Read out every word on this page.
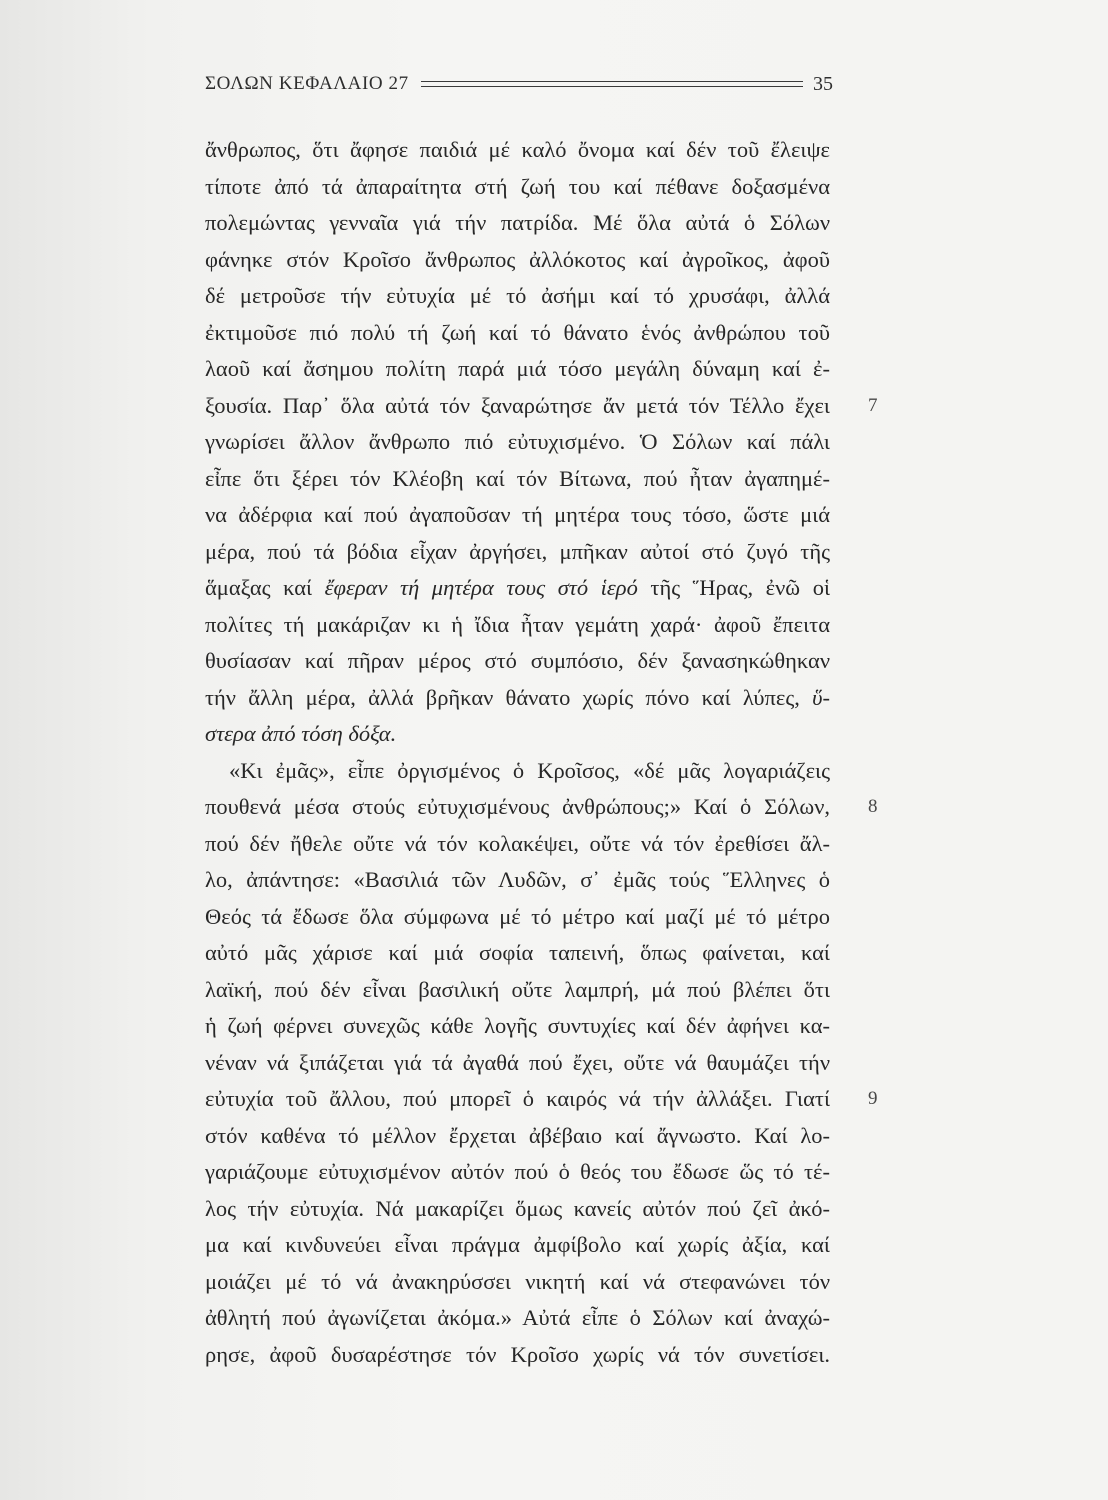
ΣΟΛΩΝ ΚΕΦΑΛΑΙΟ 27	35

ἄνθρωπος, ὅτι ἄφησε παιδιά μέ καλό ὄνομα καί δέν τοῦ ἔλειψε
τίποτε ἀπό τά ἀπαραίτητα στή ζωή του καί πέθανε δοξασμένα
πολεμώντας γενναῖα γιά τήν πατρίδα. Μέ ὅλα αὐτά ὁ Σόλων
φάνηκε στόν Κροῖσο ἄνθρωπος ἀλλόκοτος καί ἀγροῖκος, ἀφοῦ
δέ μετροῦσε τήν εὐτυχία μέ τό ἀσήμι καί τό χρυσάφι, ἀλλά
ἐκτιμοῦσε πιό πολύ τή ζωή καί τό θάνατο ἑνός ἀνθρώπου τοῦ
λαοῦ καί ἄσημου πολίτη παρά μιά τόσο μεγάλη δύναμη καί ἐ-
ξουσία. Παρ᾽ ὅλα αὐτά τόν ξαναρώτησε ἄν μετά τόν Τέλλο ἔχει
γνωρίσει ἄλλον ἄνθρωπο πιό εὐτυχισμένο. Ὁ Σόλων καί πάλι
εἶπε ὅτι ξέρει τόν Κλέοβη καί τόν Βίτωνα, πού ἦταν ἀγαπημέ-
να ἀδέρφια καί πού ἀγαποῦσαν τή μητέρα τους τόσο, ὥστε μιά
μέρα, πού τά βόδια εἶχαν ἀργήσει, μπῆκαν αὐτοί στό ζυγό τῆς
ἅμαξας καί ἔφεραν τή μητέρα τους στό ἱερό τῆς Ἥρας, ἐνῶ οἱ
πολίτες τή μακάριζαν κι ἡ ἴδια ἦταν γεμάτη χαρά· ἀφοῦ ἔπειτα
θυσίασαν καί πῆραν μέρος στό συμπόσιο, δέν ξανασηκώθηκαν
τήν ἄλλη μέρα, ἀλλά βρῆκαν θάνατο χωρίς πόνο καί λύπες, ὕ-
στερα ἀπό τόση δόξα.

«Κι ἐμᾶς», εἶπε ὀργισμένος ὁ Κροῖσος, «δέ μᾶς λογαριάζεις
πουθενά μέσα στούς εὐτυχισμένους ἀνθρώπους;» Καί ὁ Σόλων,
πού δέν ἤθελε οὔτε νά τόν κολακέψει, οὔτε νά τόν ἐρεθίσει ἄλ-
λο, ἀπάντησε: «Βασιλιά τῶν Λυδῶν, σ᾽ ἐμᾶς τούς Ἕλληνες ὁ
Θεός τά ἔδωσε ὅλα σύμφωνα μέ τό μέτρο καί μαζί μέ τό μέτρο
αὐτό μᾶς χάρισε καί μιά σοφία ταπεινή, ὅπως φαίνεται, καί
λαϊκή, πού δέν εἶναι βασιλική οὔτε λαμπρή, μά πού βλέπει ὅτι
ἡ ζωή φέρνει συνεχῶς κάθε λογῆς συντυχίες καί δέν ἀφήνει κα-
νέναν νά ξιπάζεται γιά τά ἀγαθά πού ἔχει, οὔτε νά θαυμάζει τήν
εὐτυχία τοῦ ἄλλου, πού μπορεῖ ὁ καιρός νά τήν ἀλλάξει. Γιατί
στόν καθένα τό μέλλον ἔρχεται ἀβέβαιο καί ἄγνωστο. Καί λο-
γαριάζουμε εὐτυχισμένον αὐτόν πού ὁ θεός του ἔδωσε ὥς τό τέ-
λος τήν εὐτυχία. Νά μακαρίζει ὅμως κανείς αὐτόν πού ζεῖ ἀκό-
μα καί κινδυνεύει εἶναι πράγμα ἀμφίβολο καί χωρίς ἀξία, καί
μοιάζει μέ τό νά ἀνακηρύσσει νικητή καί νά στεφανώνει τόν
ἀθλητή πού ἀγωνίζεται ἀκόμα.» Αὐτά εἶπε ὁ Σόλων καί ἀναχώ-
ρησε, ἀφοῦ δυσαρέστησε τόν Κροῖσο χωρίς νά τόν συνετίσει.

7
8
9
